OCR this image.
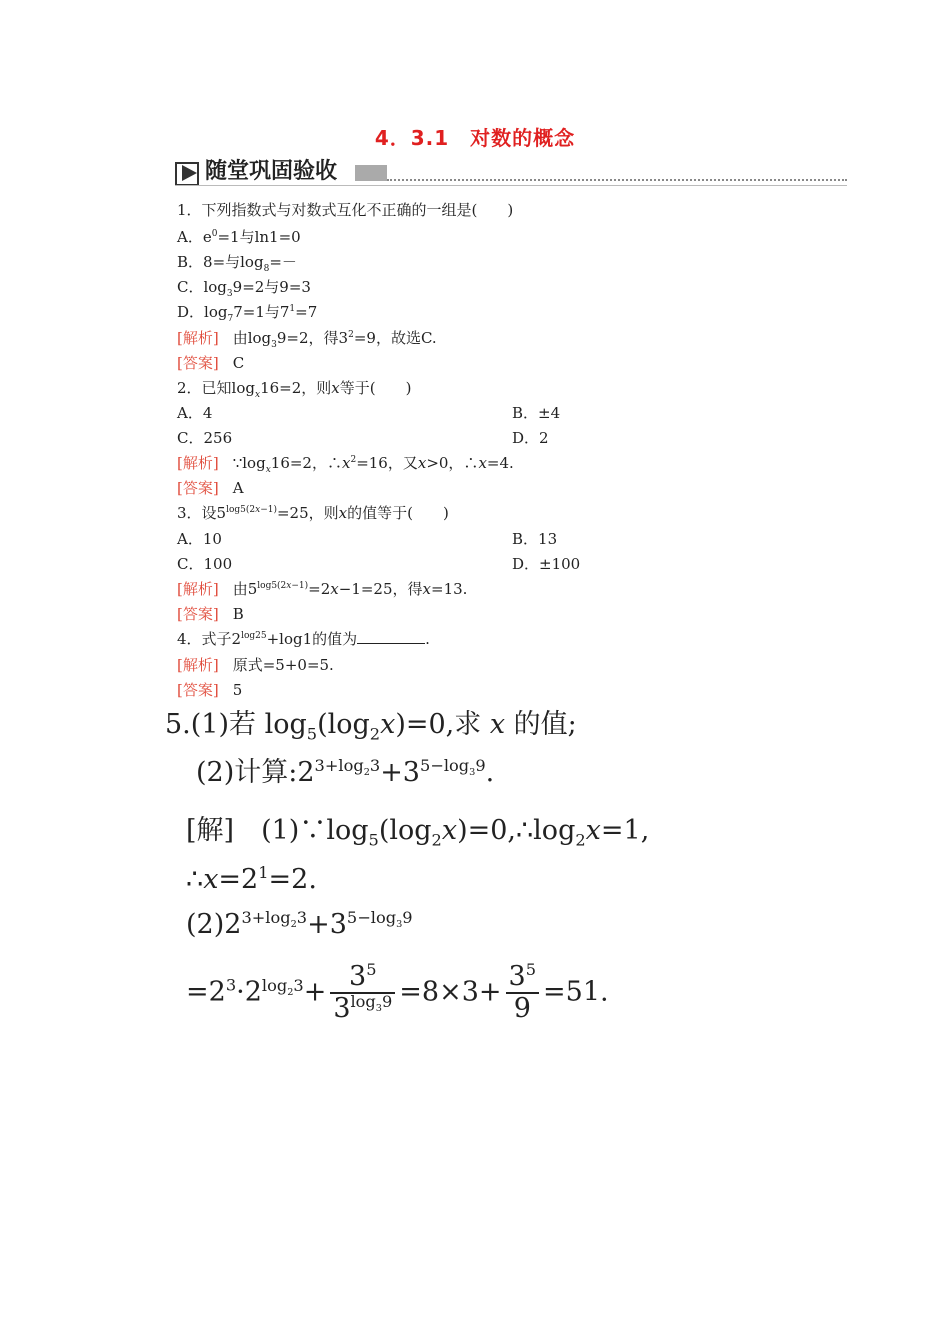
4．3.1　对数的概念
随堂巩固验收
1．下列指数式与对数式互化不正确的一组是(　　)
A．$e^0=1$与ln1=0
B．8=与$\log_8=-$
C．$\log_39=2$与9=3
D．$\log_77=1$与$7^1=7$
[解析] 由$\log_39=2$，得$3^2=9$，故选C.
[答案] C
2．已知$\log_x16=2$，则x等于(　　)
A．4	B．±4
C．256	D．2
[解析] $\because\log_x16=2$，$\therefore x^2=16$，又x>0，∴x=4.
[答案] A
3．设$5^{log5(2x-1)}=25$，则x的值等于(　　)
A．10	B．13
C．100	D．±100
[解析] 由$5^{log5(2x-1)}=2x-1=25$，得x=13.
[答案] B
4．式子$2^{log25}+\log 1$的值为	.
[解析] 原式=5+0=5.
[答案] 5
5.(1)若 $\log_5(\log_2x)=0$,求 x 的值;
(2)计算$:2^{3+log_23}+3^{5-log_39}$.
[解]　$(1)\because\log_5(\log_2x)=0,\therefore\log_2x=1$,
$\therefore x=2^1=2$.
$(2)2^{3+log_23}+3^{5-log_39}$
$=2^3\cdot 2^{log_23}+ \frac{3^5}{3^{log_39}} =8\times 3+ \frac{3^5}{9} =51$.
